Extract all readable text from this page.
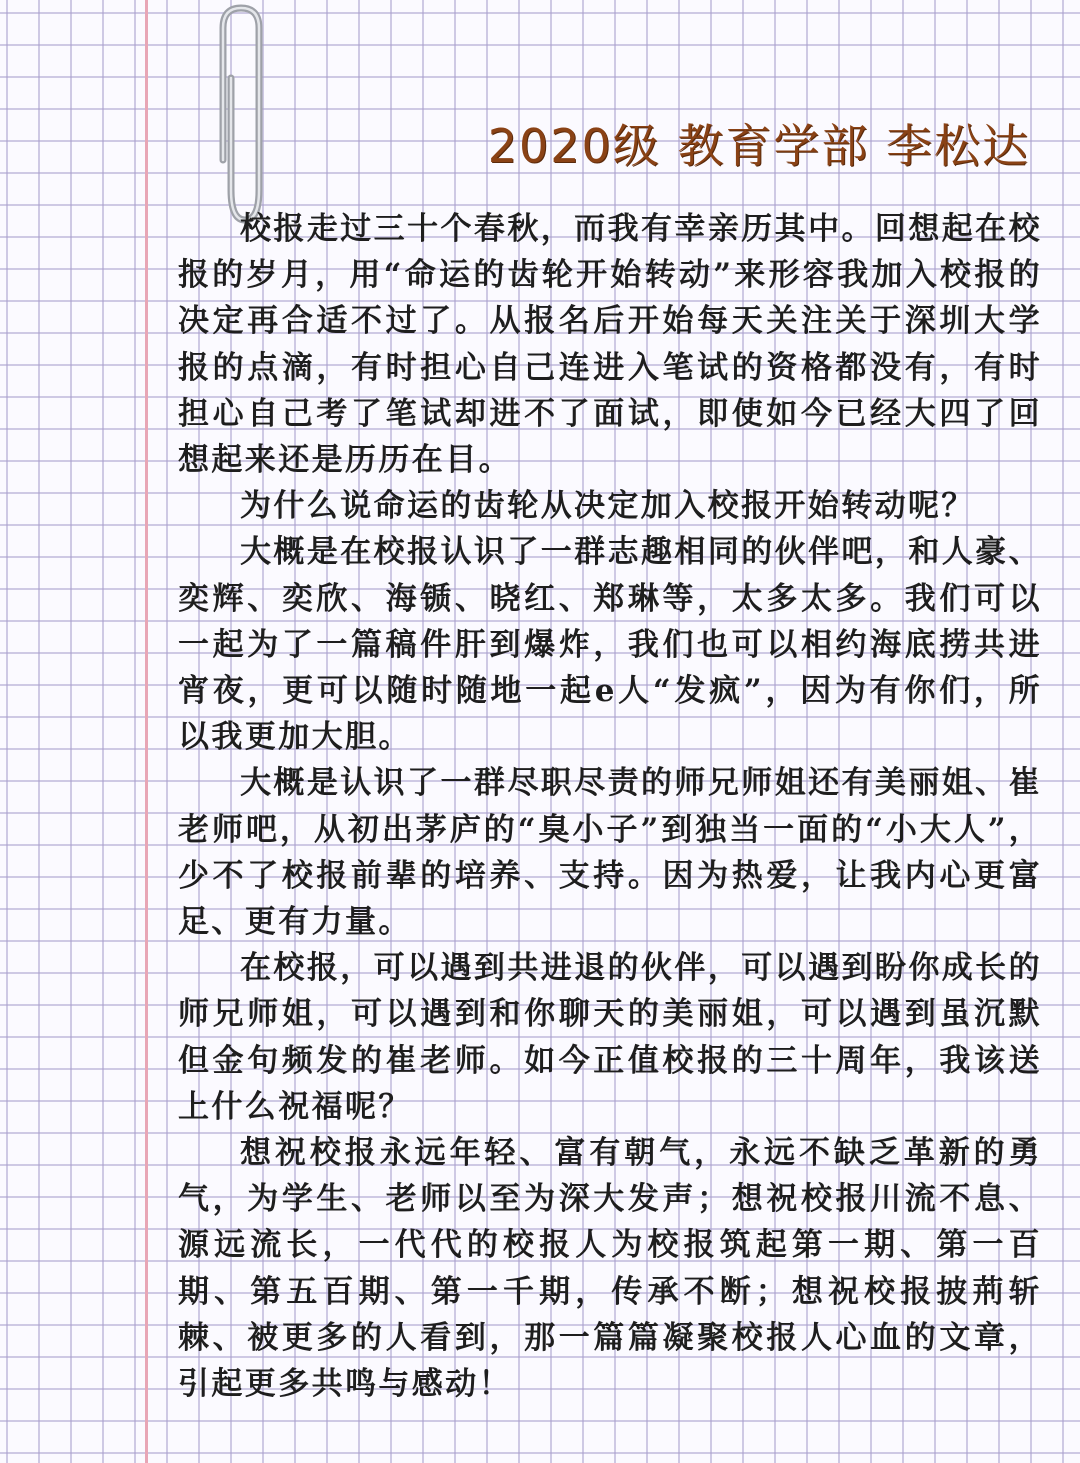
2020级 教育学部 李松达

校报走过三十个春秋，而我有幸亲历其中。回想起在校报的岁月，用“命运的齿轮开始转动”来形容我加入校报的决定再合适不过了。从报名后开始每天关注关于深圳大学报的点滴，有时担心自己连进入笔试的资格都没有，有时担心自己考了笔试却进不了面试，即使如今已经大四了回想起来还是历历在目。

为什么说命运的齿轮从决定加入校报开始转动呢？

大概是在校报认识了一群志趣相同的伙伴吧，和人豪、奕辉、奕欣、海锧、晓红、郑琳等，太多太多。我们可以一起为了一篇稿件肝到爆炸，我们也可以相约海底捞共进宵夜，更可以随时随地一起e人“发疯”，因为有你们，所以我更加大胆。

大概是认识了一群尽职尽责的师兄师姐还有美丽姐、崔老师吧，从初出茅庐的“臭小子”到独当一面的“小大人”，少不了校报前辈的培养、支持。因为热爱，让我内心更富足、更有力量。

在校报，可以遇到共进退的伙伴，可以遇到盼你成长的师兄师姐，可以遇到和你聊天的美丽姐，可以遇到虽沉默但金句频发的崔老师。如今正值校报的三十周年，我该送上什么祝福呢？

想祝校报永远年轻、富有朝气，永远不缺乏革新的勇气，为学生、老师以至为深大发声；想祝校报川流不息、源远流长，一代代的校报人为校报筑起第一期、第一百期、第五百期、第一千期，传承不断；想祝校报披荊斩棘、被更多的人看到，那一篇篇凝聚校报人心血的文章，引起更多共鸣与感动！
